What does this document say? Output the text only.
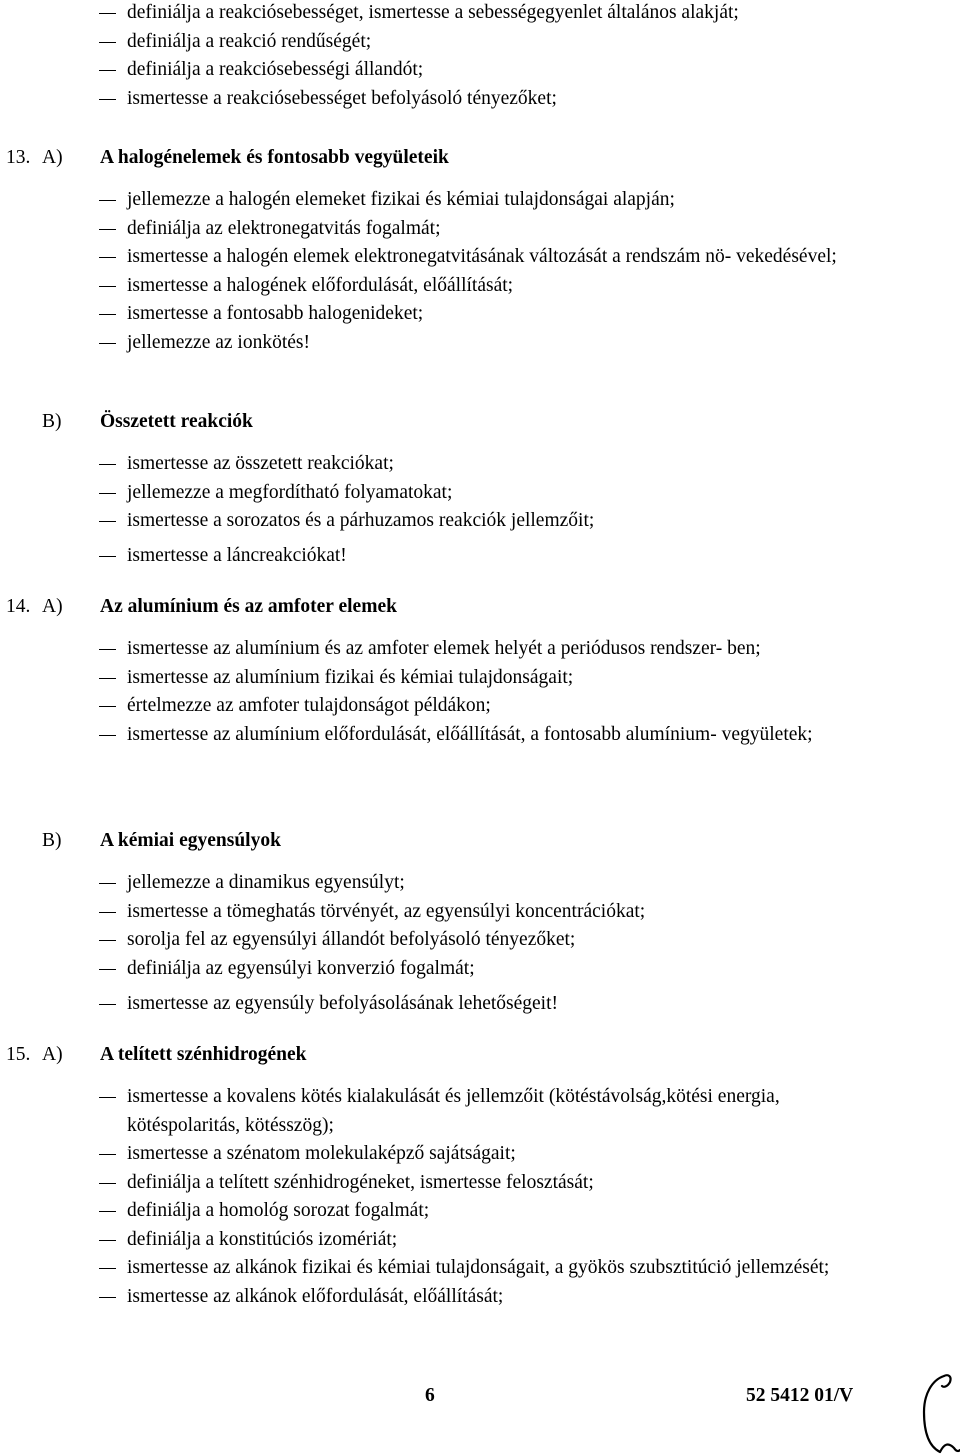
definiálja a reakciósebességet, ismertesse a sebességegyenlet általános alakját;
definiálja a reakció rendűségét;
definiálja a reakciósebességi állandót;
ismertesse a reakciósebességet befolyásoló tényezőket;
13. A) A halogénelemek és fontosabb vegyületeik
jellemezze a halogén elemeket fizikai és kémiai tulajdonságai alapján;
definiálja az elektronegatvitás fogalmát;
ismertesse a halogén elemek elektronegatvitásának változását a rendszám nö- vekedésével;
ismertesse a halogének előfordulását, előállítását;
ismertesse a fontosabb halogenideket;
jellemezze az ionkötés!
B) Összetett reakciók
ismertesse az összetett reakciókat;
jellemezze a megfordítható folyamatokat;
ismertesse a sorozatos és a párhuzamos reakciók jellemzőit;
ismertesse a láncreakciókat!
14. A) Az alumínium és az amfoter elemek
ismertesse az alumínium és az amfoter elemek helyét a periódusos rendszer- ben;
ismertesse az alumínium fizikai és kémiai tulajdonságait;
értelmezze az amfoter tulajdonságot példákon;
ismertesse az alumínium előfordulását, előállítását, a fontosabb alumínium- vegyületek;
B) A kémiai egyensúlyok
jellemezze a dinamikus egyensúlyt;
ismertesse a tömeghatás törvényét, az egyensúlyi koncentrációkat;
sorolja fel az egyensúlyi állandót befolyásoló tényezőket;
definiálja az egyensúlyi konverzió fogalmát;
ismertesse az egyensúly befolyásolásának lehetőségeit!
15. A) A telített szénhidrogének
ismertesse a kovalens kötés kialakulását és jellemzőit (kötéstávolság,kötési energia, kötéspolaritás, kötésszög);
ismertesse a szénatom molekulaképző sajátságait;
definiálja a telített szénhidrogéneket, ismertesse felosztását;
definiálja a homológ sorozat fogalmát;
definiálja a konstitúciós izomériát;
ismertesse az alkánok fizikai és kémiai tulajdonságait, a gyökös szubsztitúció jellemzését;
ismertesse az alkánok előfordulását, előállítását;
6	52 5412 01/V
